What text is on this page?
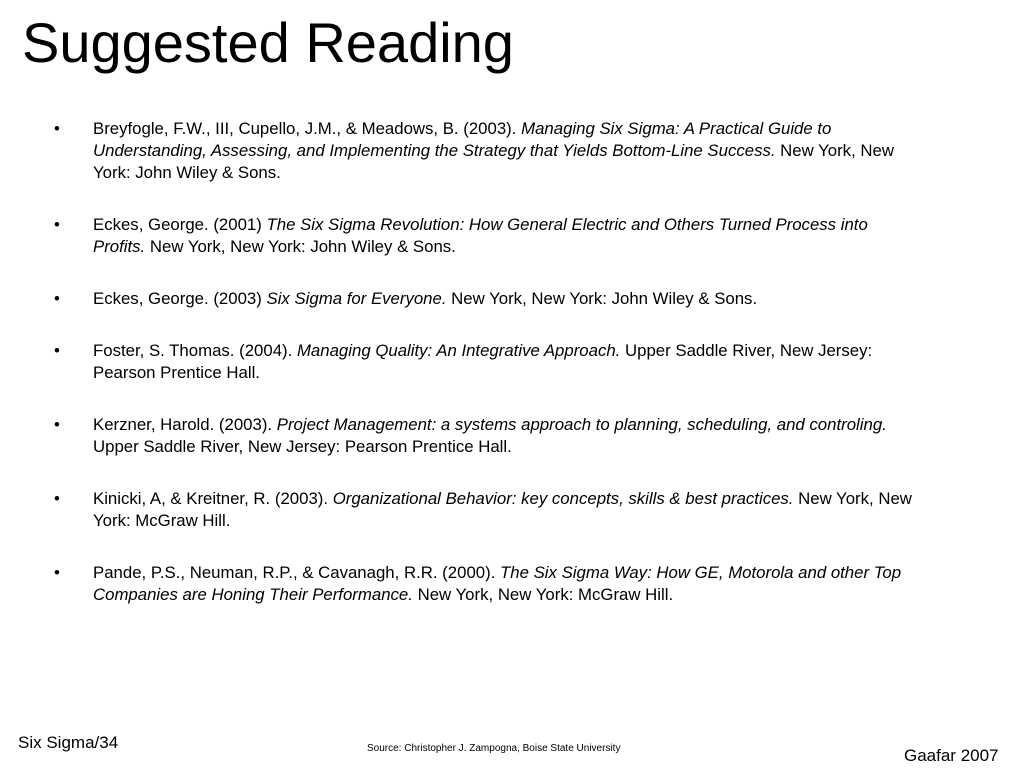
Suggested Reading
• Breyfogle, F.W., III, Cupello, J.M., & Meadows, B. (2003). Managing Six Sigma: A Practical Guide to Understanding, Assessing, and Implementing the Strategy that Yields Bottom-Line Success. New York, New York: John Wiley & Sons.
• Eckes, George. (2001) The Six Sigma Revolution: How General Electric and Others Turned Process into Profits. New York, New York: John Wiley & Sons.
• Eckes, George. (2003) Six Sigma for Everyone. New York, New York: John Wiley & Sons.
• Foster, S. Thomas. (2004). Managing Quality: An Integrative Approach. Upper Saddle River, New Jersey: Pearson Prentice Hall.
• Kerzner, Harold. (2003). Project Management: a systems approach to planning, scheduling, and controling. Upper Saddle River, New Jersey: Pearson Prentice Hall.
• Kinicki, A, & Kreitner, R. (2003). Organizational Behavior: key concepts, skills & best practices. New York, New York: McGraw Hill.
• Pande, P.S., Neuman, R.P., & Cavanagh, R.R. (2000). The Six Sigma Way: How GE, Motorola and other Top Companies are Honing Their Performance. New York, New York: McGraw Hill.
Six Sigma/34	Source: Christopher J. Zampogna, Boise State University	Gaafar 2007
